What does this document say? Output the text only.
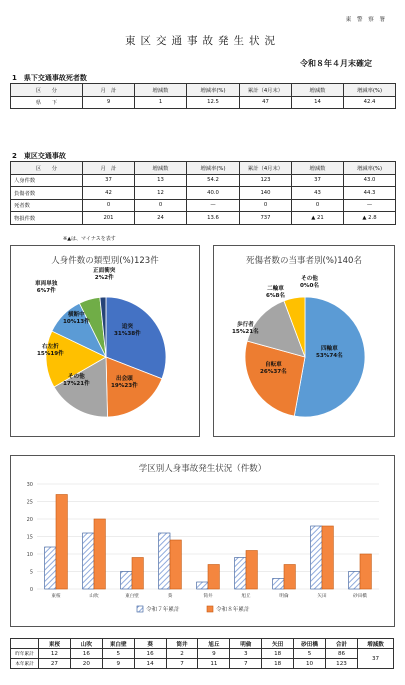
東 警 察 署
東区交通事故発生状況
令和８年４月末確定
1　県下交通事故死者数
区　　分	月　計	増減数	増減率(%)	累計（4月末）	増減数	増減率(%)
県　　下	9	1	12.5	47	14	42.4
2　東区交通事故
区　　分	月　計	増減数	増減率(%)	累計（4月末）	増減数	増減率(%)
人身件数	37	13	54.2	123	37	43.0
負傷者数	42	12	40.0	140	43	44.3
死者数	0	0	—	0	0	—
物損件数	201	24	13.6	737	▲ 21	▲ 2.8
※▲は、マイナスを表す
人身件数の類型別(%)123件
追突
31%38件
出会頭
19%23件
その他
17%21件
右左折
15%19件
横断中
10%13件
車両単独
6%7件
正面衝突
2%2件
死傷者数の当事者別(%)140名
四輪車
53%74名
自転車
26%37名
歩行者
15%21名
二輪車
6%8名
その他
0%0名
学区別人身事故発生状況（件数）
0
5
10
15
20
25
30
東桜	山吹	東白壁	葵	筒井	旭丘	明倫	矢田	砂田橋
令和７年累計	令和８年累計
	東桜	山吹	東白壁	葵	筒井	旭丘	明倫	矢田	砂田橋	合計	増減数
昨年累計	12	16	5	16	2	9	3	18	5	86	37
本年累計	27	20	9	14	7	11	7	18	10	123	
